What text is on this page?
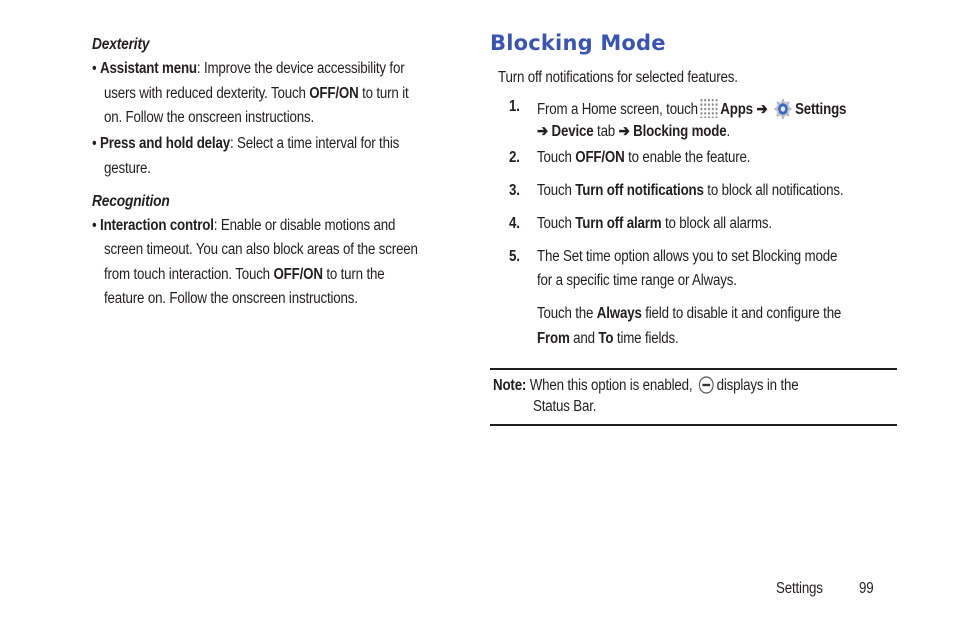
Dexterity
• Assistant menu: Improve the device accessibility for
users with reduced dexterity. Touch OFF/ON to turn it
on. Follow the onscreen instructions.
• Press and hold delay: Select a time interval for this
gesture.
Recognition
• Interaction control: Enable or disable motions and
screen timeout. You can also block areas of the screen
from touch interaction. Touch OFF/ON to turn the
feature on. Follow the onscreen instructions.
Blocking Mode
Turn off notifications for selected features.
1. From a Home screen, touch Apps ➔ Settings
➔ Device tab ➔ Blocking mode.
2. Touch OFF/ON to enable the feature.
3. Touch Turn off notifications to block all notifications.
4. Touch Turn off alarm to block all alarms.
5. The Set time option allows you to set Blocking mode
for a specific time range or Always.
Touch the Always field to disable it and configure the
From and To time fields.
Note: When this option is enabled, displays in the
Status Bar.
Settings 99
